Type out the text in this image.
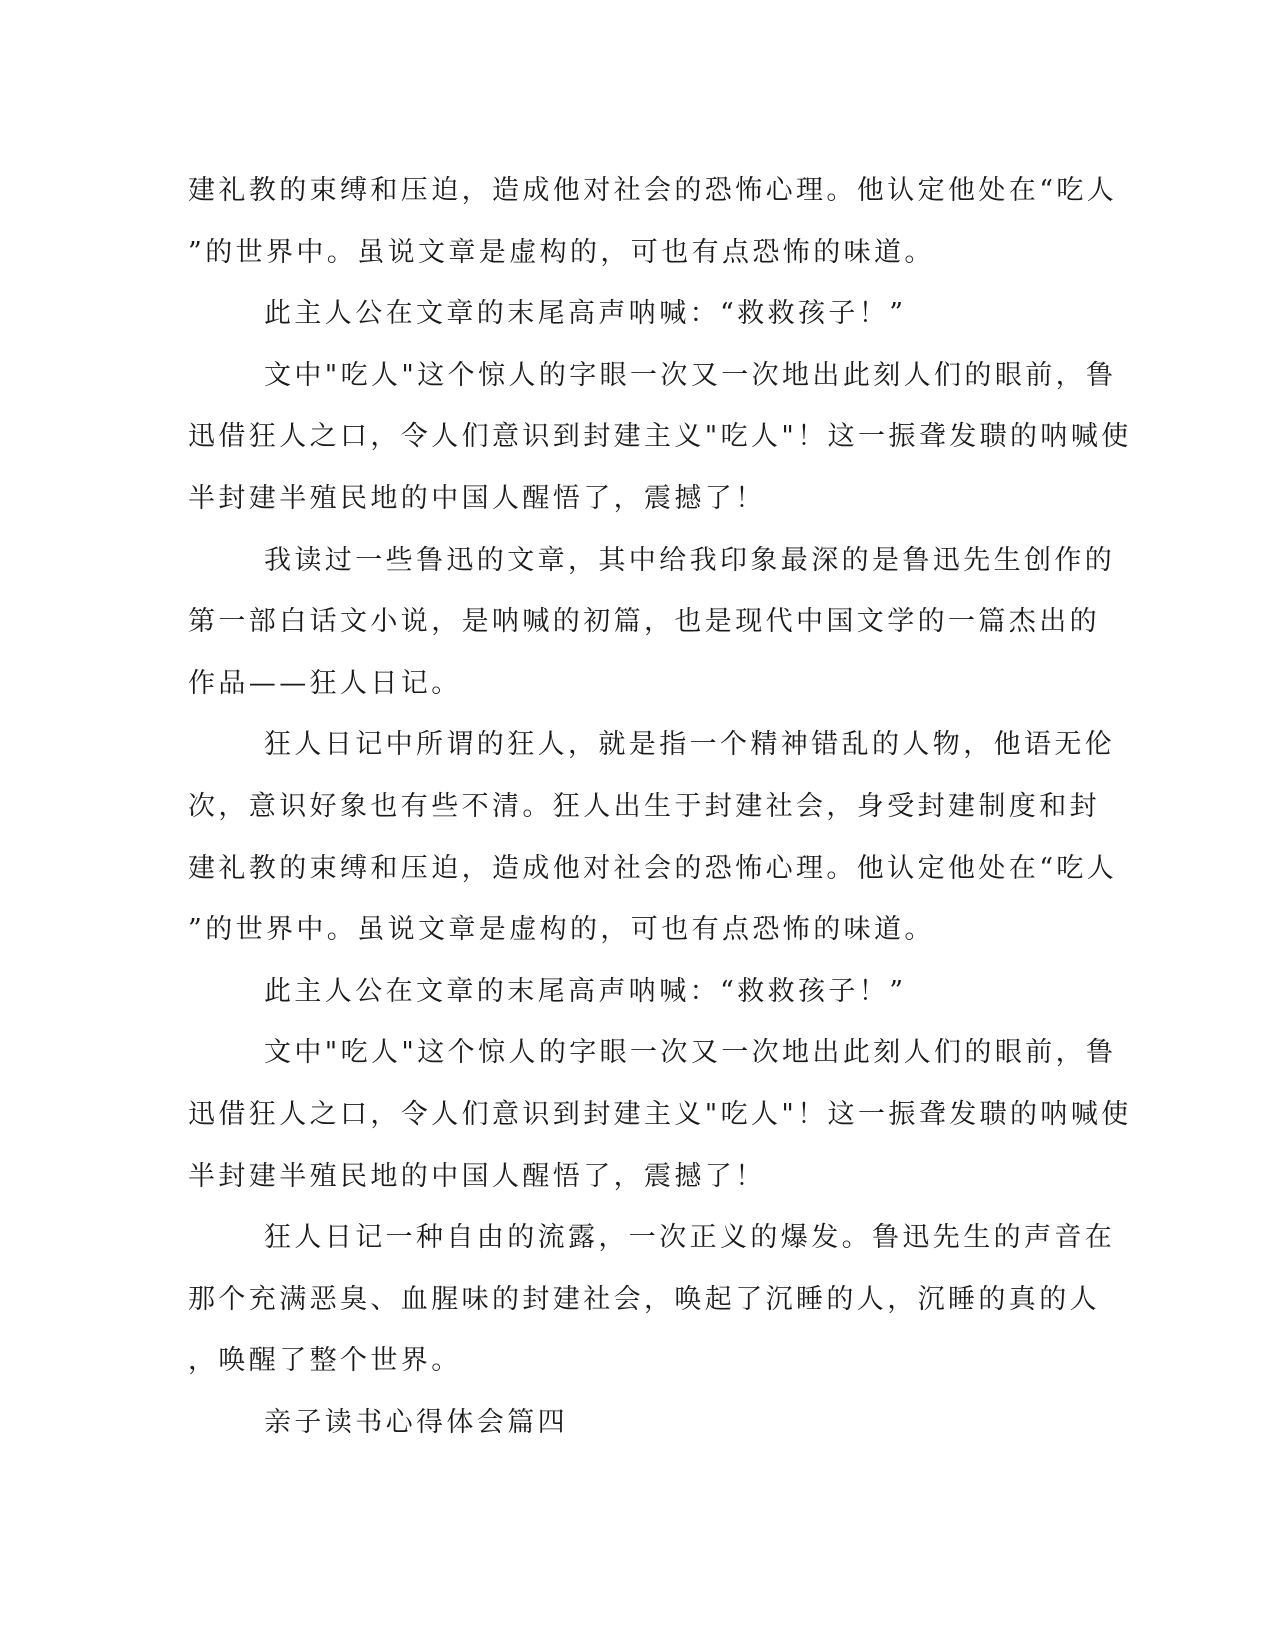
建礼教的束缚和压迫，造成他对社会的恐怖心理。他认定他处在“吃人
”的世界中。虽说文章是虚构的，可也有点恐怖的味道。
此主人公在文章的末尾高声呐喊：“救救孩子！”
文中"吃人"这个惊人的字眼一次又一次地出此刻人们的眼前，鲁
迅借狂人之口，令人们意识到封建主义"吃人"！这一振聋发聩的呐喊使
半封建半殖民地的中国人醒悟了，震撼了！
我读过一些鲁迅的文章，其中给我印象最深的是鲁迅先生创作的
第一部白话文小说，是呐喊的初篇，也是现代中国文学的一篇杰出的
作品——狂人日记。
狂人日记中所谓的狂人，就是指一个精神错乱的人物，他语无伦
次，意识好象也有些不清。狂人出生于封建社会，身受封建制度和封
建礼教的束缚和压迫，造成他对社会的恐怖心理。他认定他处在“吃人
”的世界中。虽说文章是虚构的，可也有点恐怖的味道。
此主人公在文章的末尾高声呐喊：“救救孩子！”
文中"吃人"这个惊人的字眼一次又一次地出此刻人们的眼前，鲁
迅借狂人之口，令人们意识到封建主义"吃人"！这一振聋发聩的呐喊使
半封建半殖民地的中国人醒悟了，震撼了！
狂人日记一种自由的流露，一次正义的爆发。鲁迅先生的声音在
那个充满恶臭、血腥味的封建社会，唤起了沉睡的人，沉睡的真的人
，唤醒了整个世界。
亲子读书心得体会篇四
